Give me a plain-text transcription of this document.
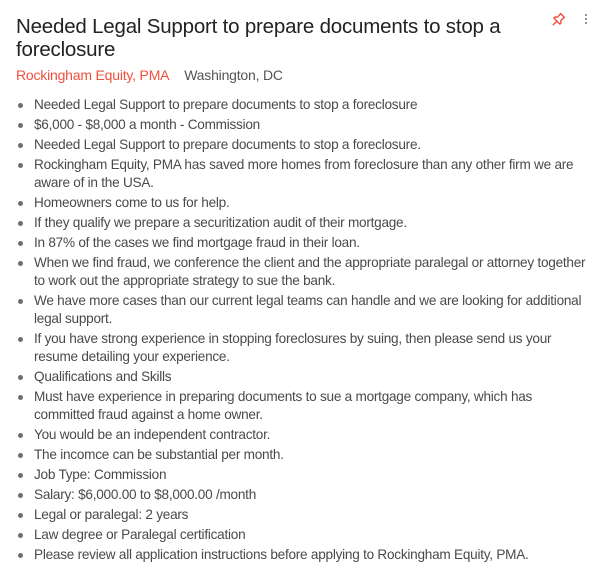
Needed Legal Support to prepare documents to stop a foreclosure
Rockingham Equity, PMA Washington, DC
Needed Legal Support to prepare documents to stop a foreclosure
$6,000 - $8,000 a month - Commission
Needed Legal Support to prepare documents to stop a foreclosure.
Rockingham Equity, PMA has saved more homes from foreclosure than any other firm we are aware of in the USA.
Homeowners come to us for help.
If they qualify we prepare a securitization audit of their mortgage.
In 87% of the cases we find mortgage fraud in their loan.
When we find fraud, we conference the client and the appropriate paralegal or attorney together to work out the appropriate strategy to sue the bank.
We have more cases than our current legal teams can handle and we are looking for additional legal support.
If you have strong experience in stopping foreclosures by suing, then please send us your resume detailing your experience.
Qualifications and Skills
Must have experience in preparing documents to sue a mortgage company, which has committed fraud against a home owner.
You would be an independent contractor.
The incomce can be substantial per month.
Job Type: Commission
Salary: $6,000.00 to $8,000.00 /month
Legal or paralegal: 2 years
Law degree or Paralegal certification
Please review all application instructions before applying to Rockingham Equity, PMA.
